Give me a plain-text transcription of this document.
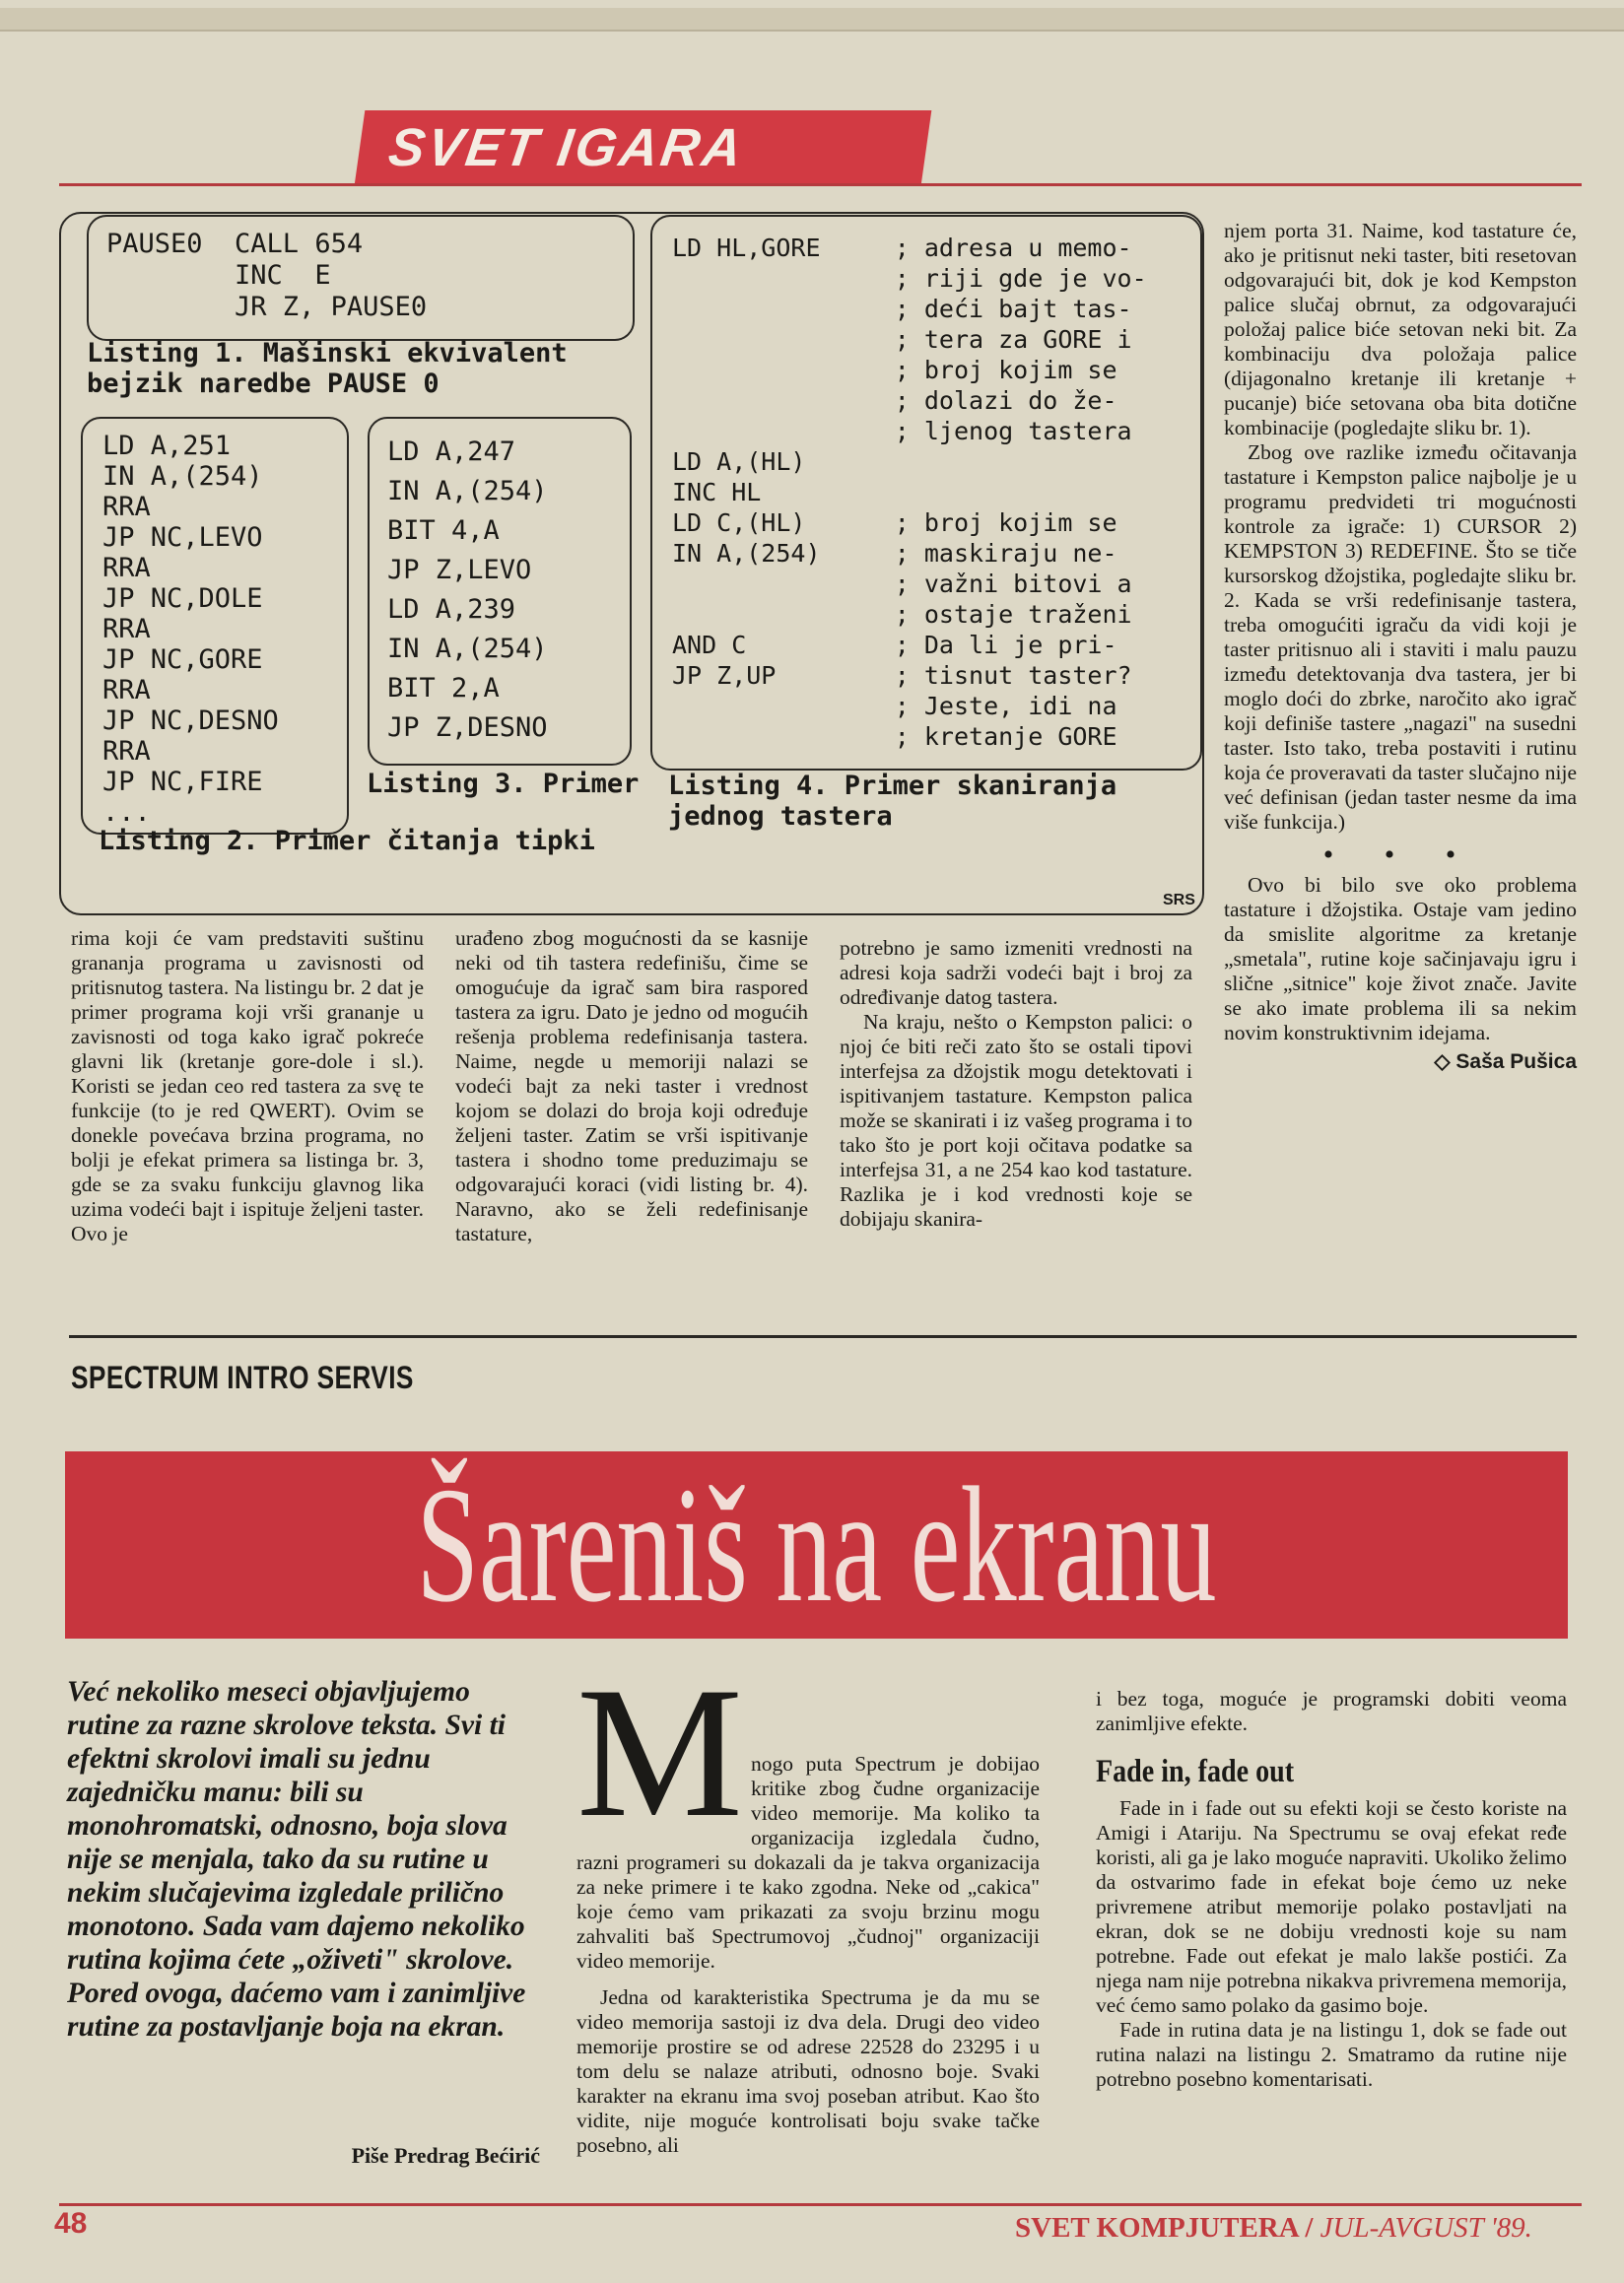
SVET IGARA
PAUSE0  CALL 654
INC  E
JR Z, PAUSE0
Listing 1. Mašinski ekvivalent
bejzik naredbe PAUSE 0
LD A,251
IN A,(254)
RRA
JP NC,LEVO
RRA
JP NC,DOLE
RRA
JP NC,GORE
RRA
JP NC,DESNO
RRA
JP NC,FIRE
...
Listing 2. Primer čitanja tipki
LD A,247
IN A,(254)
BIT 4,A
JP Z,LEVO
LD A,239
IN A,(254)
BIT 2,A
JP Z,DESNO
Listing 3. Primer
LD HL,GORE     ; adresa u memo-
; riji gde je vo-
; deći bajt tas-
; tera za GORE i
; broj kojim se
; dolazi do že-
; ljenog tastera
LD A,(HL)
INC HL
LD C,(HL)      ; broj kojim se
IN A,(254)     ; maskiraju ne-
; važni bitovi a
; ostaje traženi
AND C          ; Da li je pri-
JP Z,UP        ; tisnut taster?
; Jeste, idi na
; kretanje GORE
Listing 4. Primer skaniranja
jednog tastera
SRS

rima koji će vam predstaviti suštinu grananja programa u zavisnosti od pritisnutog tastera. Na listingu br. 2 dat je primer programa koji vrši grananje u zavisnosti od toga kako igrač pokreće glavni lik (kretanje gore-dole i sl.). Koristi se jedan ceo red tastera za svę te funkcije (to je red QWERT). Ovim se donekle povećava brzina programa, no bolji je efekat primera sa listinga br. 3, gde se za svaku funkciju glavnog lika uzima vodeći bajt i ispituje željeni taster. Ovo je

urađeno zbog mogućnosti da se kasnije neki od tih tastera redefinišu, čime se omogućuje da igrač sam bira raspored tastera za igru. Dato je jedno od mogućih rešenja problema redefinisanja tastera. Naime, negde u memoriji nalazi se vodeći bajt za neki taster i vrednost kojom se dolazi do broja koji određuje željeni taster. Zatim se vrši ispitivanje tastera i shodno tome preduzimaju se odgovarajući koraci (vidi listing br. 4). Naravno, ako se želi redefinisanje tastature,

potrebno je samo izmeniti vrednosti na adresi koja sadrži vodeći bajt i broj za određivanje datog tastera.

Na kraju, nešto o Kempston palici: o njoj će biti reči zato što se ostali tipovi interfejsa za džojstik mogu detektovati i ispitivanjem tastature. Kempston palica može se skanirati i iz vašeg programa i to tako što je port koji očitava podatke sa interfejsa 31, a ne 254 kao kod tastature. Razlika je i kod vrednosti koje se dobijaju skanira-

njem porta 31. Naime, kod tastature će, ako je pritisnut neki taster, biti resetovan odgovarajući bit, dok je kod Kempston palice slučaj obrnut, za odgovarajući položaj palice biće setovan neki bit. Za kombinaciju dva položaja palice (dijagonalno kretanje ili kretanje + pucanje) biće setovana oba bita dotične kombinacije (pogledajte sliku br. 1).

Zbog ove razlike između očitavanja tastature i Kempston palice najbolje je u programu predvideti tri mogućnosti kontrole za igrače: 1) CURSOR 2) KEMPSTON 3) REDEFINE. Što se tiče kursorskog džojstika, pogledajte sliku br. 2. Kada se vrši redefinisanje tastera, treba omogućiti igraču da vidi koji je taster pritisnuo ali i staviti i malu pauzu između detektovanja dva tastera, jer bi moglo doći do zbrke, naročito ako igrač koji definiše tastere „nagazi" na susedni taster. Isto tako, treba postaviti i rutinu koja će proveravati da taster slučajno nije već definisan (jedan taster nesme da ima više funkcija.)

• • •

Ovo bi bilo sve oko problema tastature i džojstika. Ostaje vam jedino da smislite algoritme za kretanje „smetala", rutine koje sačinjavaju igru i slične „sitnice" koje život znače. Javite se ako imate problema ili sa nekim novim konstruktivnim idejama.

◇ Saša Pušica
SPECTRUM INTRO SERVIS
Šareniš na ekranu
Već nekoliko meseci objavljujemo rutine za razne skrolove teksta. Svi ti efektni skrolovi imali su jednu zajedničku manu: bili su monohromatski, odnosno, boja slova nije se menjala, tako da su rutine u nekim slučajevima izgledale prilično monotono. Sada vam dajemo nekoliko rutina kojima ćete „oživeti" skrolove. Pored ovoga, daćemo vam i zanimljive rutine za postavljanje boja na ekran.
Piše Predrag Bećirić
M nogo puta Spectrum je dobijao kritike zbog čudne organizacije video memorije. Ma koliko ta organizacija izgledala čudno, razni programeri su dokazali da je takva organizacija za neke primere i te kako zgodna. Neke od „cakica" koje ćemo vam prikazati za svoju brzinu mogu zahvaliti baš Spectrumovoj „čudnoj" organizaciji video memorije.

Jedna od karakteristika Spectruma je da mu se video memorija sastoji iz dva dela. Drugi deo video memorije prostire se od adrese 22528 do 23295 i u tom delu se nalaze atributi, odnosno boje. Svaki karakter na ekranu ima svoj poseban atribut. Kao što vidite, nije moguće kontrolisati boju svake tačke posebno, ali

i bez toga, moguće je programski dobiti veoma zanimljive efekte.

Fade in, fade out

Fade in i fade out su efekti koji se često koriste na Amigi i Atariju. Na Spectrumu se ovaj efekat ređe koristi, ali ga je lako moguće napraviti. Ukoliko želimo da ostvarimo fade in efekat boje ćemo uz neke privremene atribut memorije polako postavljati na ekran, dok se ne dobiju vrednosti koje su nam potrebne. Fade out efekat je malo lakše postići. Za njega nam nije potrebna nikakva privremena memorija, već ćemo samo polako da gasimo boje.

Fade in rutina data je na listingu 1, dok se fade out rutina nalazi na listingu 2. Smatramo da rutine nije potrebno posebno komentarisati.

48	SVET KOMPJUTERA / JUL-AVGUST '89.
